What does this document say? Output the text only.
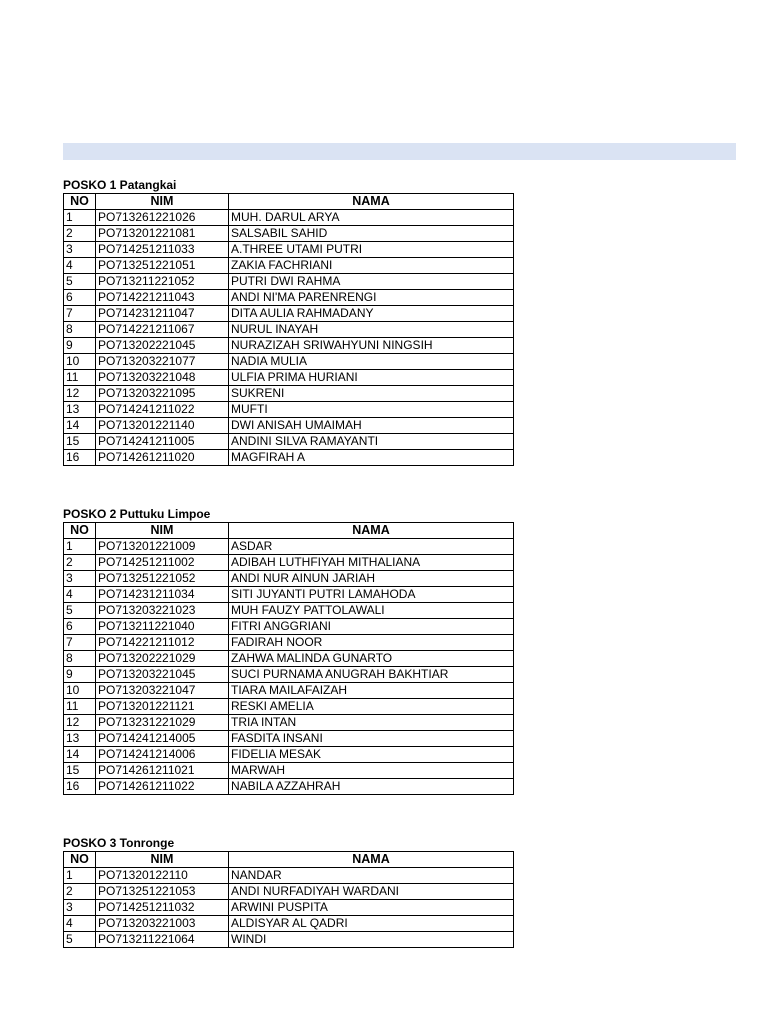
POSKO 1 Patangkai
NO	NIM	NAMA
1	PO713261221026	MUH. DARUL ARYA
2	PO713201221081	SALSABIL SAHID
3	PO714251211033	A.THREE UTAMI PUTRI
4	PO713251221051	ZAKIA FACHRIANI
5	PO713211221052	PUTRI DWI RAHMA
6	PO714221211043	ANDI NI'MA PARENRENGI
7	PO714231211047	DITA AULIA RAHMADANY
8	PO714221211067	NURUL INAYAH
9	PO713202221045	NURAZIZAH SRIWAHYUNI NINGSIH
10	PO713203221077	NADIA MULIA
11	PO713203221048	ULFIA PRIMA HURIANI
12	PO713203221095	SUKRENI
13	PO714241211022	MUFTI
14	PO713201221140	DWI ANISAH UMAIMAH
15	PO714241211005	ANDINI SILVA RAMAYANTI
16	PO714261211020	MAGFIRAH A
POSKO 2 Puttuku Limpoe
NO	NIM	NAMA
1	PO713201221009	ASDAR
2	PO714251211002	ADIBAH LUTHFIYAH MITHALIANA
3	PO713251221052	ANDI NUR AINUN JARIAH
4	PO714231211034	SITI JUYANTI PUTRI LAMAHODA
5	PO713203221023	MUH FAUZY PATTOLAWALI
6	PO713211221040	FITRI ANGGRIANI
7	PO714221211012	FADIRAH NOOR
8	PO713202221029	ZAHWA MALINDA GUNARTO
9	PO713203221045	SUCI PURNAMA ANUGRAH BAKHTIAR
10	PO713203221047	TIARA MAILAFAIZAH
11	PO713201221121	RESKI AMELIA
12	PO713231221029	TRIA INTAN
13	PO714241214005	FASDITA INSANI
14	PO714241214006	FIDELIA MESAK
15	PO714261211021	MARWAH
16	PO714261211022	NABILA AZZAHRAH
POSKO 3 Tonronge
NO	NIM	NAMA
1	PO71320122110	NANDAR
2	PO713251221053	ANDI NURFADIYAH WARDANI
3	PO714251211032	ARWINI PUSPITA
4	PO713203221003	ALDISYAR AL QADRI
5	PO713211221064	WINDI
